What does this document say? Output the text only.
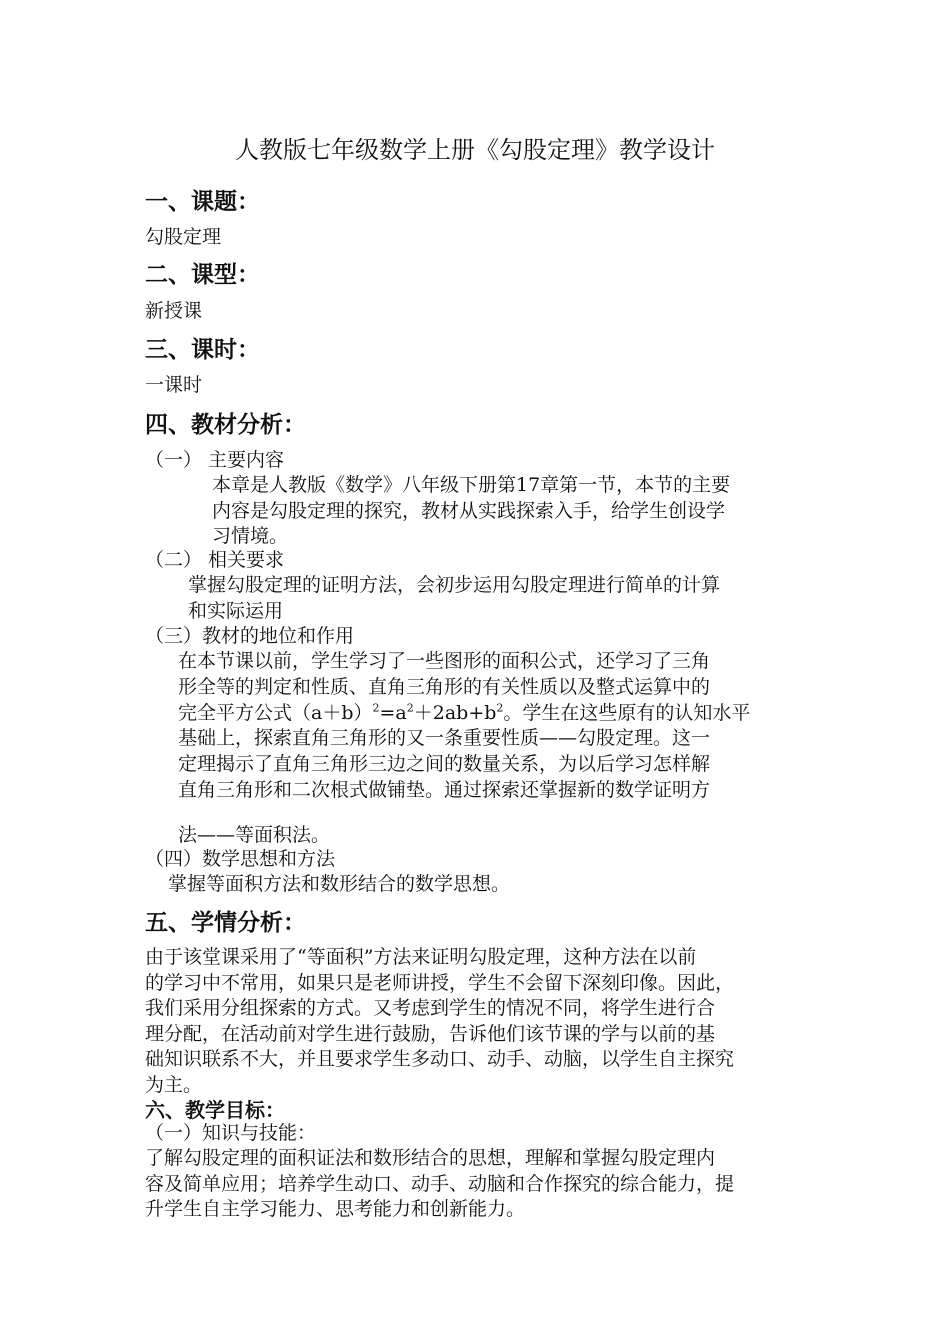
人教版七年级数学上册《勾股定理》教学设计
一、课题：
勾股定理
二、课型：
新授课
三、课时：
一课时
四、教材分析：
（一） 主要内容
本章是人教版《数学》八年级下册第17章第一节，本节的主要
内容是勾股定理的探究，教材从实践探索入手，给学生创设学
习情境。
（二） 相关要求
掌握勾股定理的证明方法，会初步运用勾股定理进行简单的计算
和实际运用
（三）教材的地位和作用
在本节课以前，学生学习了一些图形的面积公式，还学习了三角
形全等的判定和性质、直角三角形的有关性质以及整式运算中的
完全平方公式$(a+b)^2=a^2+2ab+b^2$。学生在这些原有的认知水平
基础上，探索直角三角形的又一条重要性质——勾股定理。这一
定理揭示了直角三角形三边之间的数量关系，为以后学习怎样解
直角三角形和二次根式做铺垫。通过探索还掌握新的数学证明方
法——等面积法。
（四）数学思想和方法
掌握等面积方法和数形结合的数学思想。
五、学情分析：
由于该堂课采用了“等面积”方法来证明勾股定理，这种方法在以前
的学习中不常用，如果只是老师讲授，学生不会留下深刻印像。因此，
我们采用分组探索的方式。又考虑到学生的情况不同，将学生进行合
理分配，在活动前对学生进行鼓励，告诉他们该节课的学与以前的基
础知识联系不大，并且要求学生多动口、动手、动脑，以学生自主探究
为主。
六、教学目标：
（一）知识与技能：
了解勾股定理的面积证法和数形结合的思想，理解和掌握勾股定理内
容及简单应用；培养学生动口、动手、动脑和合作探究的综合能力，提
升学生自主学习能力、思考能力和创新能力。
